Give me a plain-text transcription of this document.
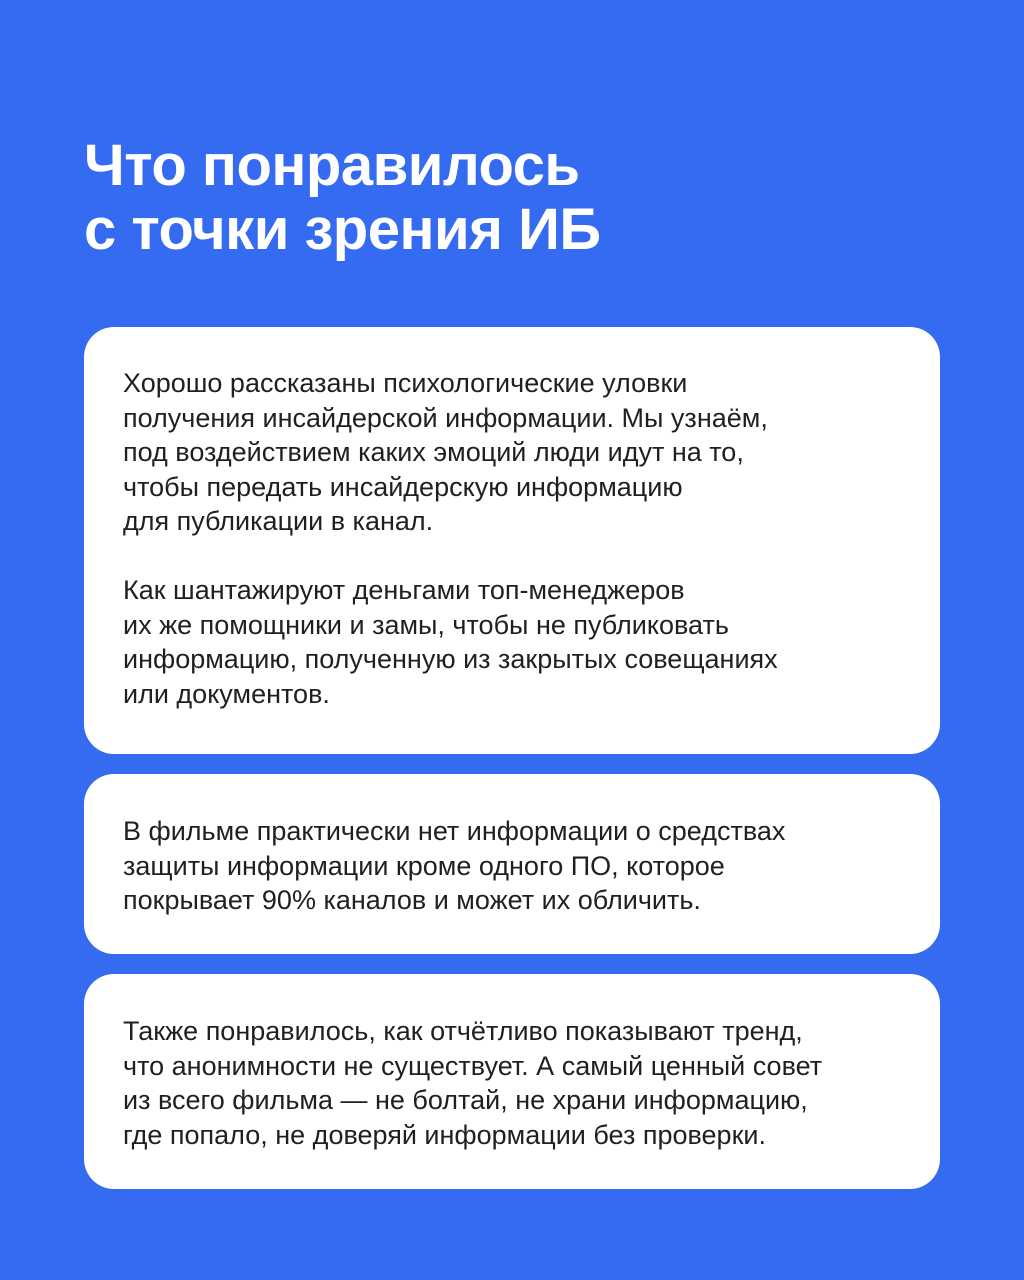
Что понравилось
с точки зрения ИБ

Хорошо рассказаны психологические уловки
получения инсайдерской информации. Мы узнаём,
под воздействием каких эмоций люди идут на то,
чтобы передать инсайдерскую информацию
для публикации в канал.

Как шантажируют деньгами топ-менеджеров
их же помощники и замы, чтобы не публиковать
информацию, полученную из закрытых совещаниях
или документов.

В фильме практически нет информации о средствах
защиты информации кроме одного ПО, которое
покрывает 90% каналов и может их обличить.

Также понравилось, как отчётливо показывают тренд,
что анонимности не существует. А самый ценный совет
из всего фильма — не болтай, не храни информацию,
где попало, не доверяй информации без проверки.
